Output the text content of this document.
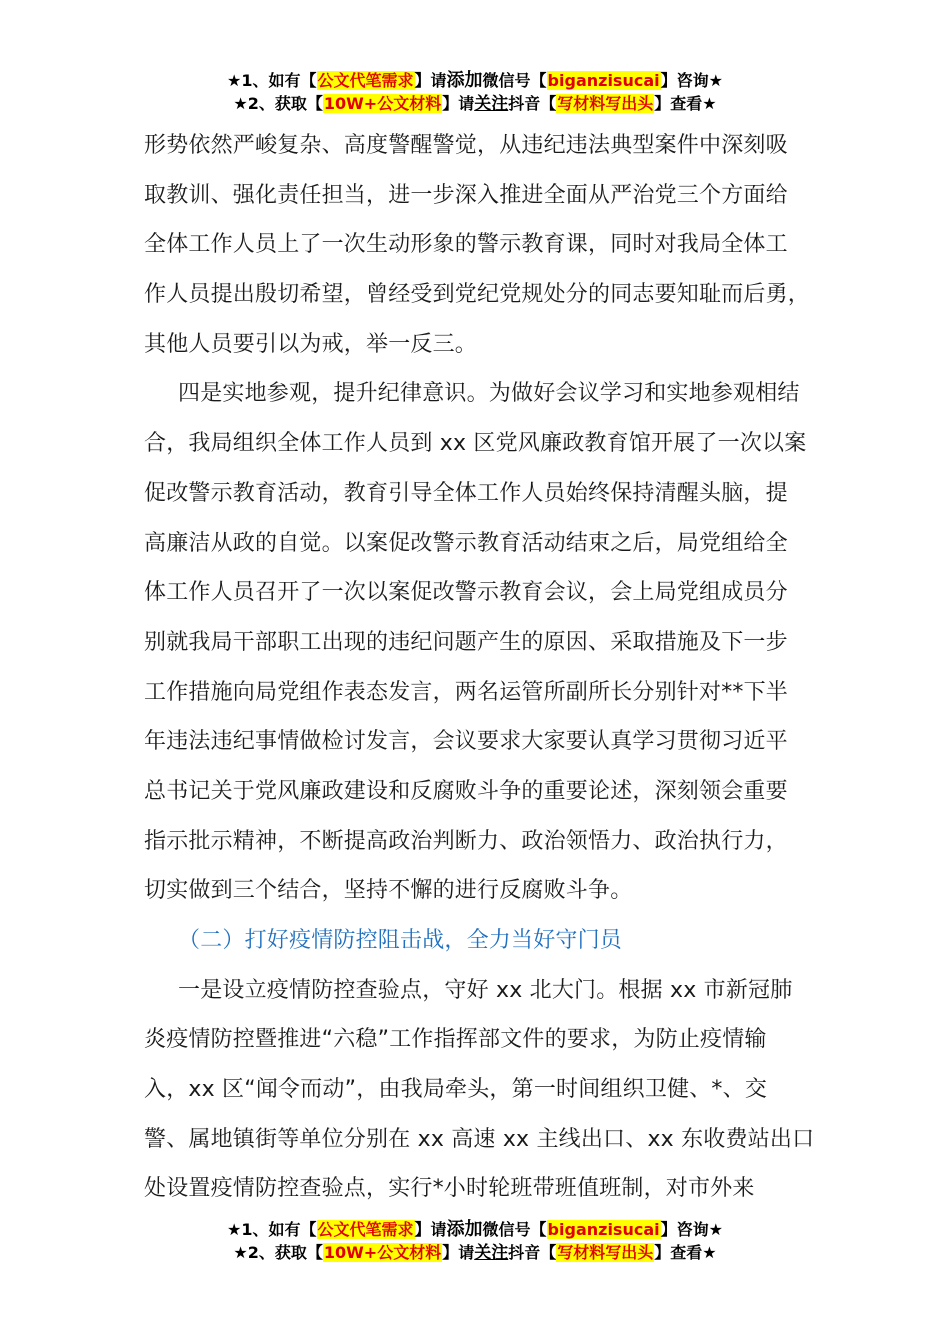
★1、如有【公文代笔需求】请添加微信号【biganzisucai】咨询★
★2、获取【10W+公文材料】请关注抖音【写材料写出头】查看★
形势依然严峻复杂、高度警醒警觉，从违纪违法典型案件中深刻吸
取教训、强化责任担当，进一步深入推进全面从严治党三个方面给
全体工作人员上了一次生动形象的警示教育课，同时对我局全体工
作人员提出殷切希望，曾经受到党纪党规处分的同志要知耻而后勇，
其他人员要引以为戒，举一反三。
四是实地参观，提升纪律意识。为做好会议学习和实地参观相结
合，我局组织全体工作人员到 xx 区党风廉政教育馆开展了一次以案
促改警示教育活动，教育引导全体工作人员始终保持清醒头脑，提
高廉洁从政的自觉。以案促改警示教育活动结束之后，局党组给全
体工作人员召开了一次以案促改警示教育会议，会上局党组成员分
别就我局干部职工出现的违纪问题产生的原因、采取措施及下一步
工作措施向局党组作表态发言，两名运管所副所长分别针对**下半
年违法违纪事情做检讨发言，会议要求大家要认真学习贯彻习近平
总书记关于党风廉政建设和反腐败斗争的重要论述，深刻领会重要
指示批示精神，不断提高政治判断力、政治领悟力、政治执行力，
切实做到三个结合，坚持不懈的进行反腐败斗争。
（二）打好疫情防控阻击战，全力当好守门员
一是设立疫情防控查验点，守好 xx 北大门。根据 xx 市新冠肺
炎疫情防控暨推进“六稳”工作指挥部文件的要求，为防止疫情输
入，xx 区“闻令而动”，由我局牵头，第一时间组织卫健、*、交
警、属地镇街等单位分别在 xx 高速 xx 主线出口、xx 东收费站出口
处设置疫情防控查验点，实行*小时轮班带班值班制，对市外来
★1、如有【公文代笔需求】请添加微信号【biganzisucai】咨询★
★2、获取【10W+公文材料】请关注抖音【写材料写出头】查看★
